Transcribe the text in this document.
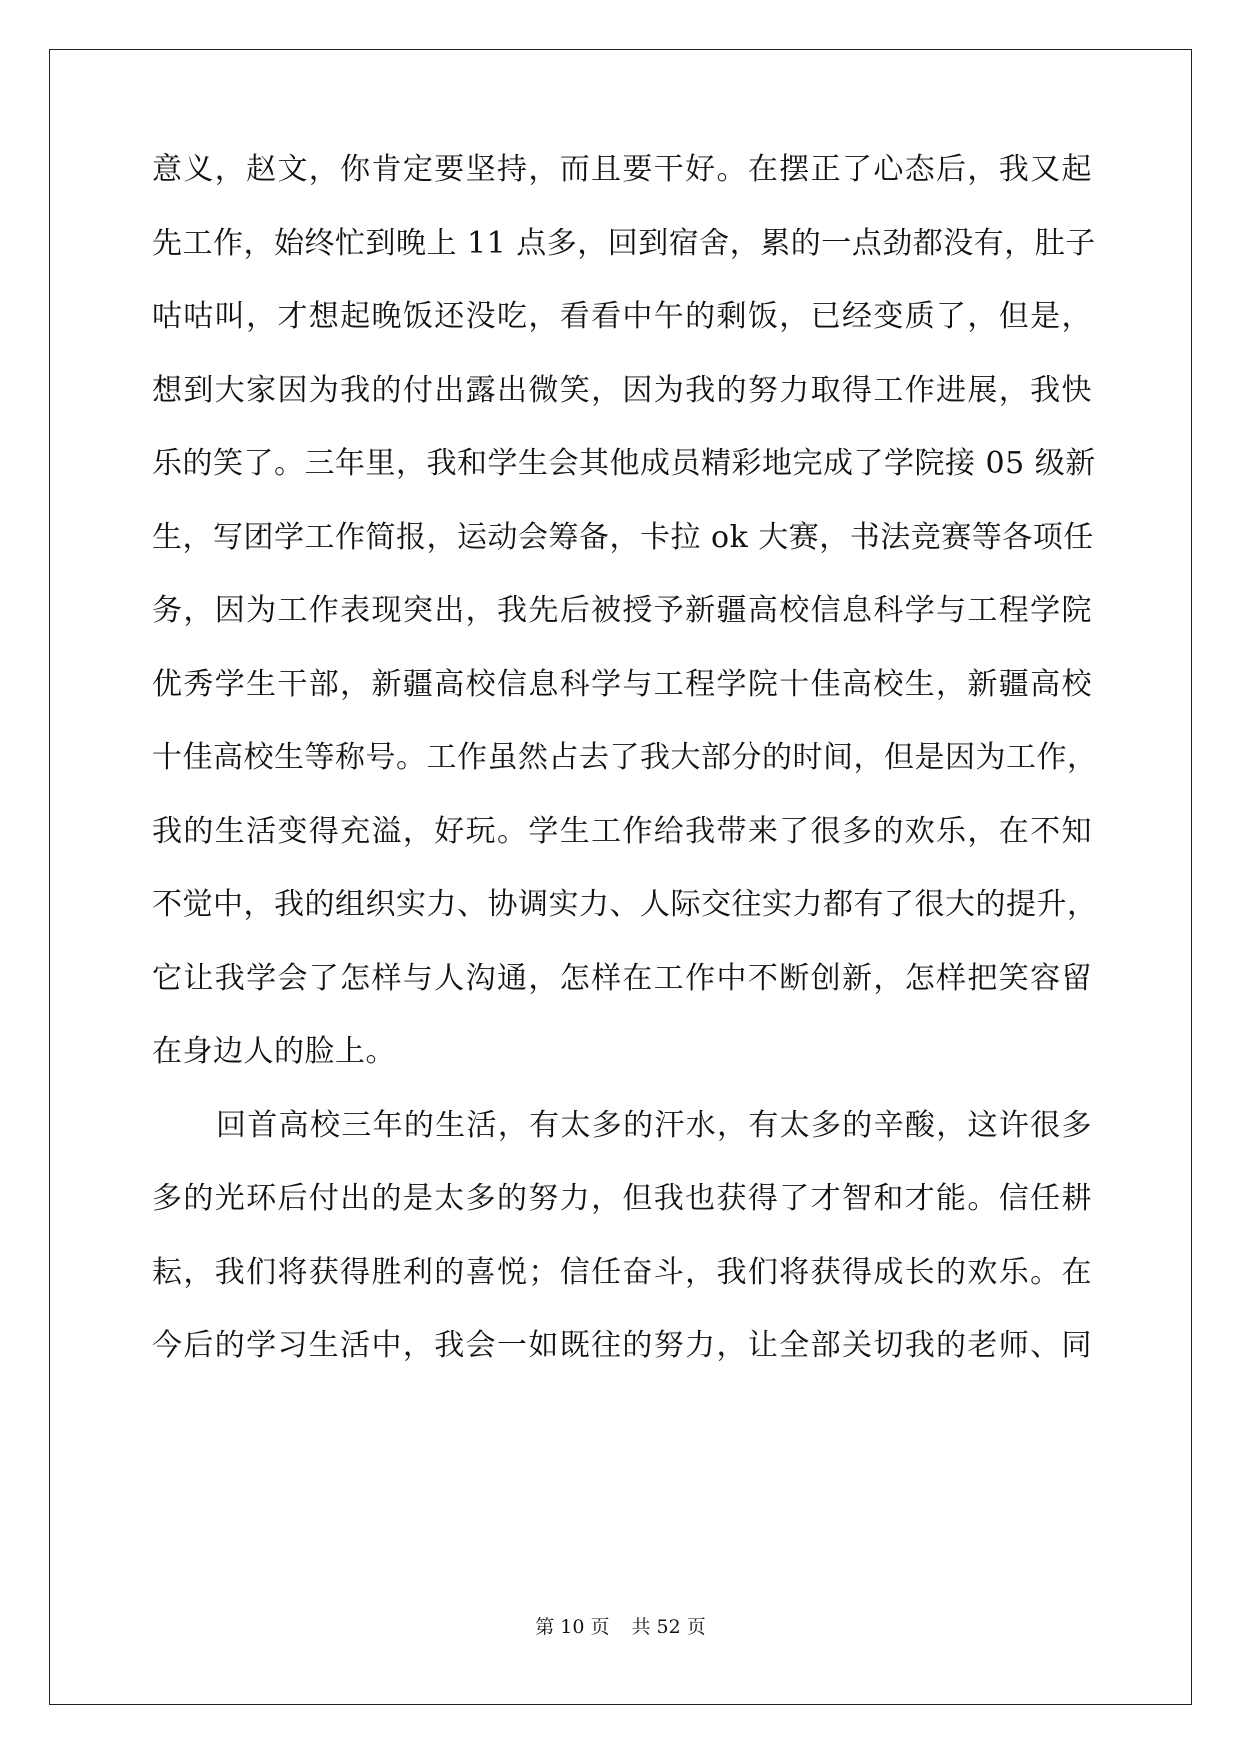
意义，赵文，你肯定要坚持，而且要干好。在摆正了心态后，我又起
先工作，始终忙到晚上 11 点多，回到宿舍，累的一点劲都没有，肚子
咕咕叫，才想起晚饭还没吃，看看中午的剩饭，已经变质了，但是，
想到大家因为我的付出露出微笑，因为我的努力取得工作进展，我快
乐的笑了。三年里，我和学生会其他成员精彩地完成了学院接 05 级新
生，写团学工作简报，运动会筹备，卡拉 ok 大赛，书法竞赛等各项任
务，因为工作表现突出，我先后被授予新疆高校信息科学与工程学院
优秀学生干部，新疆高校信息科学与工程学院十佳高校生，新疆高校
十佳高校生等称号。工作虽然占去了我大部分的时间，但是因为工作，
我的生活变得充溢，好玩。学生工作给我带来了很多的欢乐，在不知
不觉中，我的组织实力、协调实力、人际交往实力都有了很大的提升，
它让我学会了怎样与人沟通，怎样在工作中不断创新，怎样把笑容留
在身边人的脸上。
回首高校三年的生活，有太多的汗水，有太多的辛酸，这许很多
多的光环后付出的是太多的努力，但我也获得了才智和才能。信任耕
耘，我们将获得胜利的喜悦；信任奋斗，我们将获得成长的欢乐。在
今后的学习生活中，我会一如既往的努力，让全部关切我的老师、同
第 10 页 共 52 页
